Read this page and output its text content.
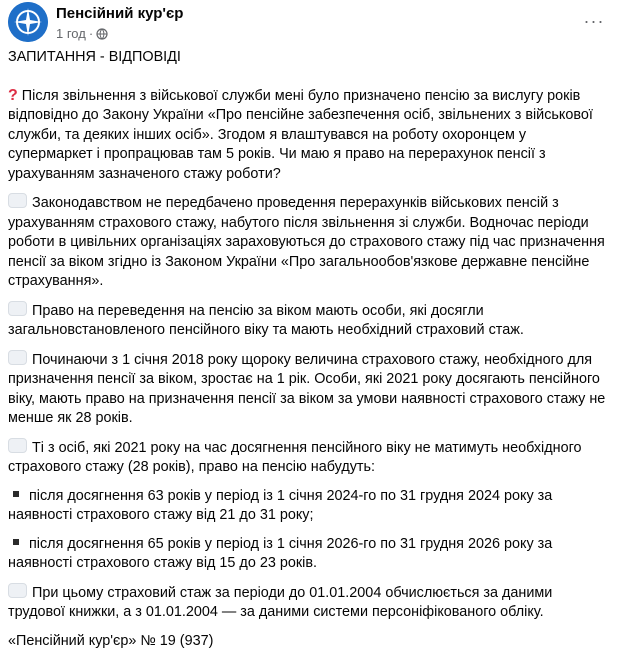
Пенсійний кур'єр
1 год ·
···

ЗАПИТАННЯ - ВІДПОВІДІ

? Після звільнення з військової служби мені було призначено пенсію за вислугу років відповідно до Закону України «Про пенсійне забезпечення осіб, звільнених з військової служби, та деяких інших осіб». Згодом я влаштувався на роботу охоронцем у супермаркет і пропрацював там 5 років. Чи маю я право на перерахунок пенсії з урахуванням зазначеного стажу роботи?

Законодавством не передбачено проведення перерахунків військових пенсій з урахуванням страхового стажу, набутого після звільнення зі служби. Водночас періоди роботи в цивільних організаціях зараховуються до страхового стажу під час призначення пенсії за віком згідно із Законом України «Про загальнообов'язкове державне пенсійне страхування».

Право на переведення на пенсію за віком мають особи, які досягли загальновстановленого пенсійного віку та мають необхідний страховий стаж.

Починаючи з 1 січня 2018 року щороку величина страхового стажу, необхідного для призначення пенсії за віком, зростає на 1 рік. Особи, які 2021 року досягають пенсійного віку, мають право на призначення пенсії за віком за умови наявності страхового стажу не менше як 28 років.

Ті з осіб, які 2021 року на час досягнення пенсійного віку не матимуть необхідного страхового стажу (28 років), право на пенсію набудуть:

після досягнення 63 років у період із 1 січня 2024-го по 31 грудня 2024 року за наявності страхового стажу від 21 до 31 року;

після досягнення 65 років у період із 1 січня 2026-го по 31 грудня 2026 року за наявності страхового стажу від 15 до 23 років.

При цьому страховий стаж за періоди до 01.01.2004 обчислюється за даними трудової книжки, а з 01.01.2004 — за даними системи персоніфікованого обліку.

«Пенсійний кур'єр» № 19 (937)
